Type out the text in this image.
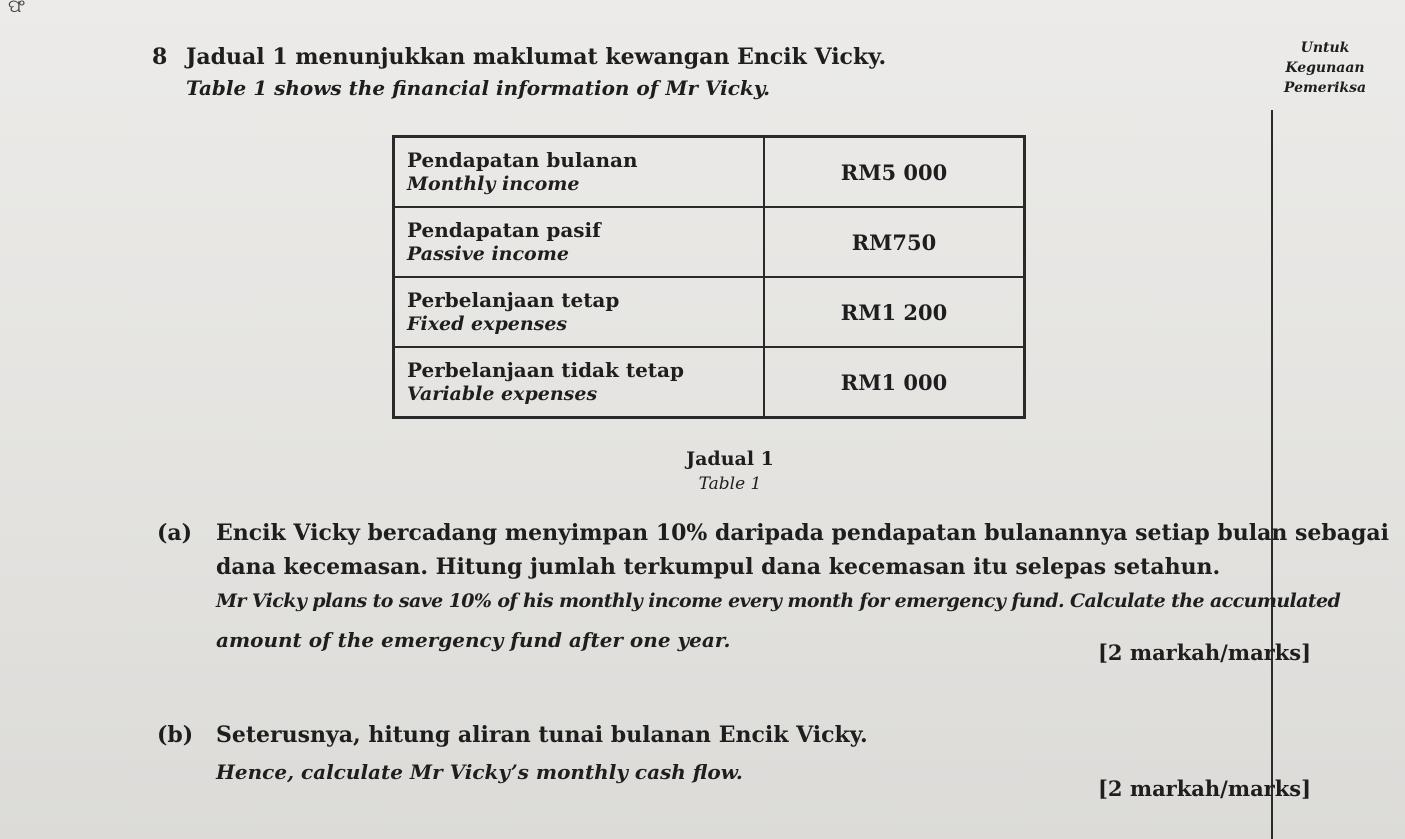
ଫ
8 Jadual 1 menunjukkan maklumat kewangan Encik Vicky.
Table 1 shows the financial information of Mr Vicky.
Untuk
Kegunaan
Pemeriksa
Pendapatan bulanan
Monthly income	RM5 000

Pendapatan pasif
Passive income	RM750

Perbelanjaan tetap
Fixed expenses	RM1 200

Perbelanjaan tidak tetap
Variable expenses	RM1 000
Jadual 1
Table 1
(a) Encik Vicky bercadang menyimpan 10% daripada pendapatan bulanannya setiap bulan sebagai
dana kecemasan. Hitung jumlah terkumpul dana kecemasan itu selepas setahun.
Mr Vicky plans to save 10% of his monthly income every month for emergency fund. Calculate the accumulated
amount of the emergency fund after one year.	[2 markah/marks]
(b) Seterusnya, hitung aliran tunai bulanan Encik Vicky.
Hence, calculate Mr Vicky’s monthly cash flow.
[2 markah/marks]
